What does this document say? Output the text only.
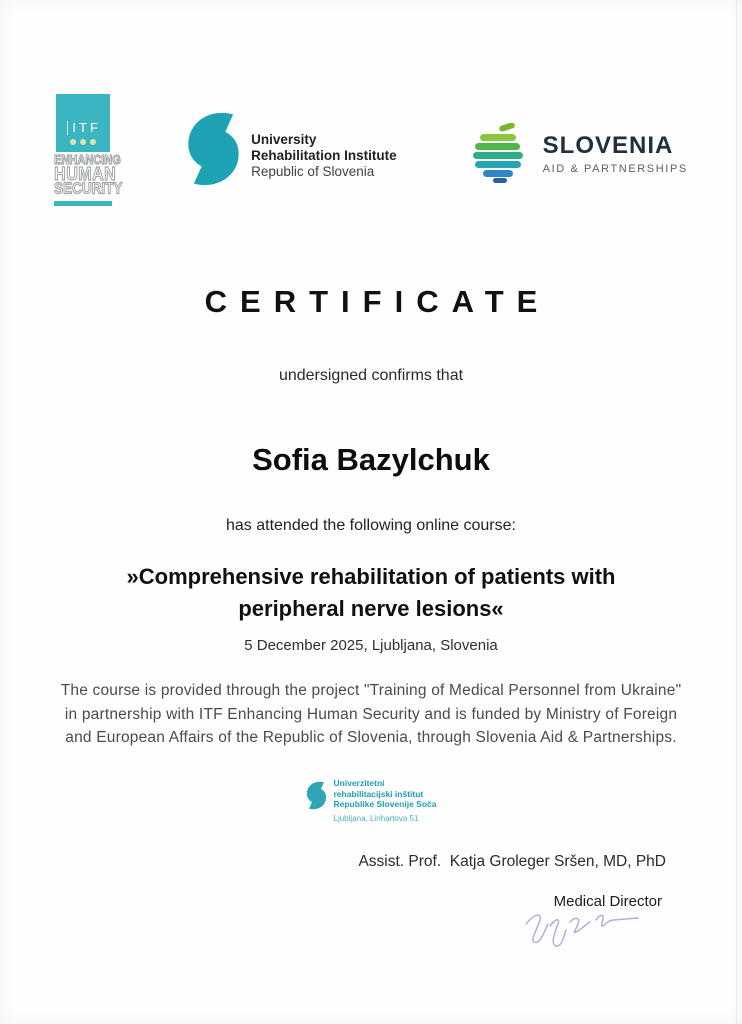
ITF
ENHANCING
HUMAN
SECURITY
University
Rehabilitation Institute
Republic of Slovenia
SLOVENIA
AID & PARTNERSHIPS
CERTIFICATE
undersigned confirms that
Sofia Bazylchuk
has attended the following online course:
»Comprehensive rehabilitation of patients with
peripheral nerve lesions«
5 December 2025, Ljubljana, Slovenia
The course is provided through the project "Training of Medical Personnel from Ukraine" in partnership with ITF Enhancing Human Security and is funded by Ministry of Foreign and European Affairs of the Republic of Slovenia, through Slovenia Aid & Partnerships.
Univerzitetni
rehabilitacijski inštitut
Republike Slovenije Soča
Ljubljana, Linhartova 51
Assist. Prof.  Katja Groleger Sršen, MD, PhD
Medical Director
